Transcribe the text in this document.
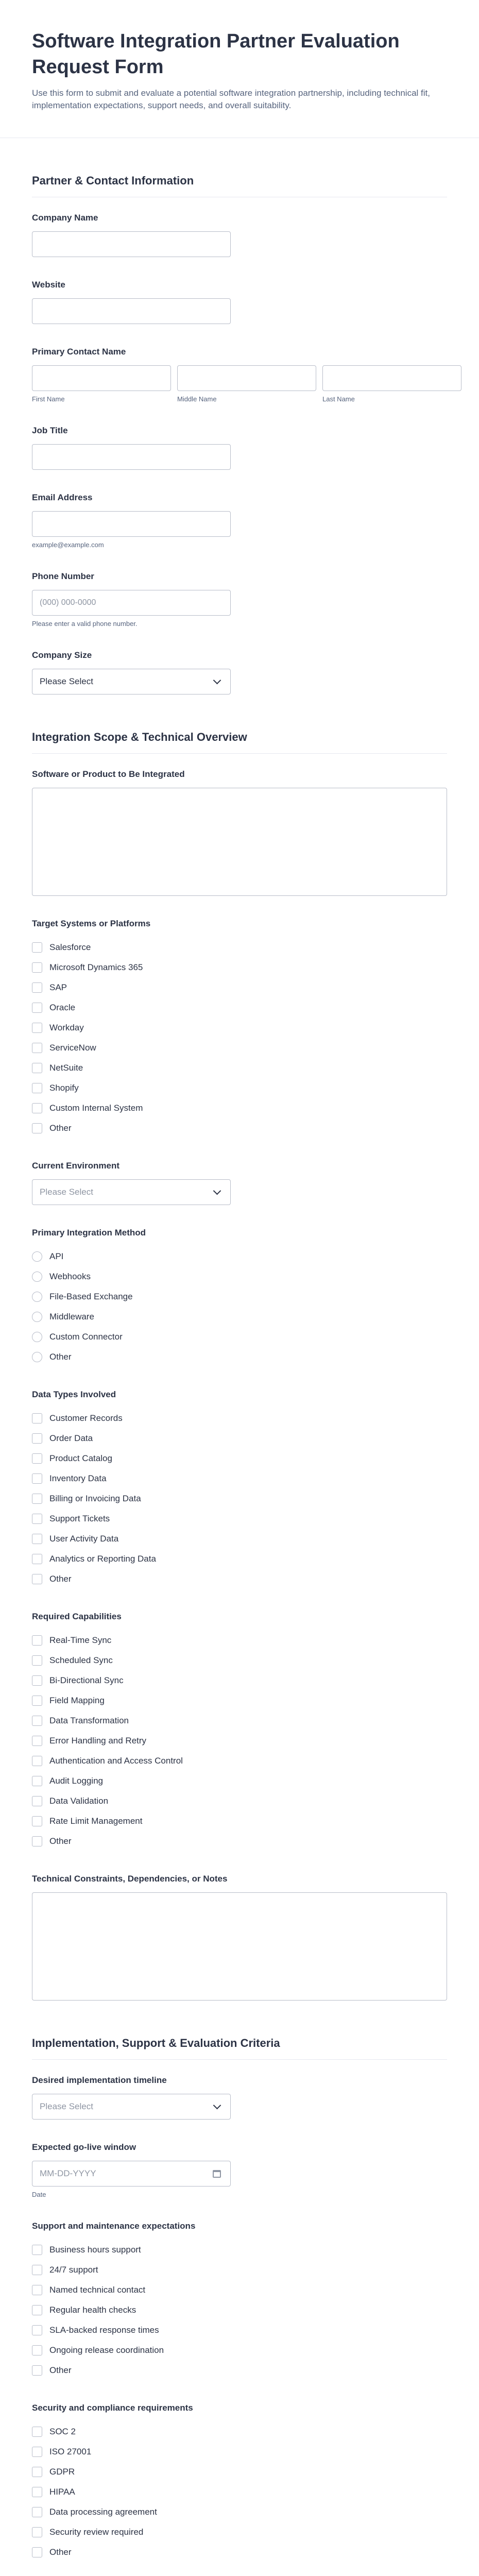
Software Integration Partner Evaluation Request Form
Use this form to submit and evaluate a potential software integration partnership, including technical fit, implementation expectations, support needs, and overall suitability.
Partner & Contact Information
Company Name
Website
Primary Contact Name
First Name	Middle Name	Last Name
Job Title
Email Address
example@example.com
Phone Number
(000) 000-0000
Please enter a valid phone number.
Company Size
Please Select
Integration Scope & Technical Overview
Software or Product to Be Integrated
Target Systems or Platforms
Salesforce
Microsoft Dynamics 365
SAP
Oracle
Workday
ServiceNow
NetSuite
Shopify
Custom Internal System
Other
Current Environment
Please Select
Primary Integration Method
API
Webhooks
File-Based Exchange
Middleware
Custom Connector
Other
Data Types Involved
Customer Records
Order Data
Product Catalog
Inventory Data
Billing or Invoicing Data
Support Tickets
User Activity Data
Analytics or Reporting Data
Other
Required Capabilities
Real-Time Sync
Scheduled Sync
Bi-Directional Sync
Field Mapping
Data Transformation
Error Handling and Retry
Authentication and Access Control
Audit Logging
Data Validation
Rate Limit Management
Other
Technical Constraints, Dependencies, or Notes
Implementation, Support & Evaluation Criteria
Desired implementation timeline
Please Select
Expected go-live window
MM-DD-YYYY
Date
Support and maintenance expectations
Business hours support
24/7 support
Named technical contact
Regular health checks
SLA-backed response times
Ongoing release coordination
Other
Security and compliance requirements
SOC 2
ISO 27001
GDPR
HIPAA
Data processing agreement
Security review required
Other
